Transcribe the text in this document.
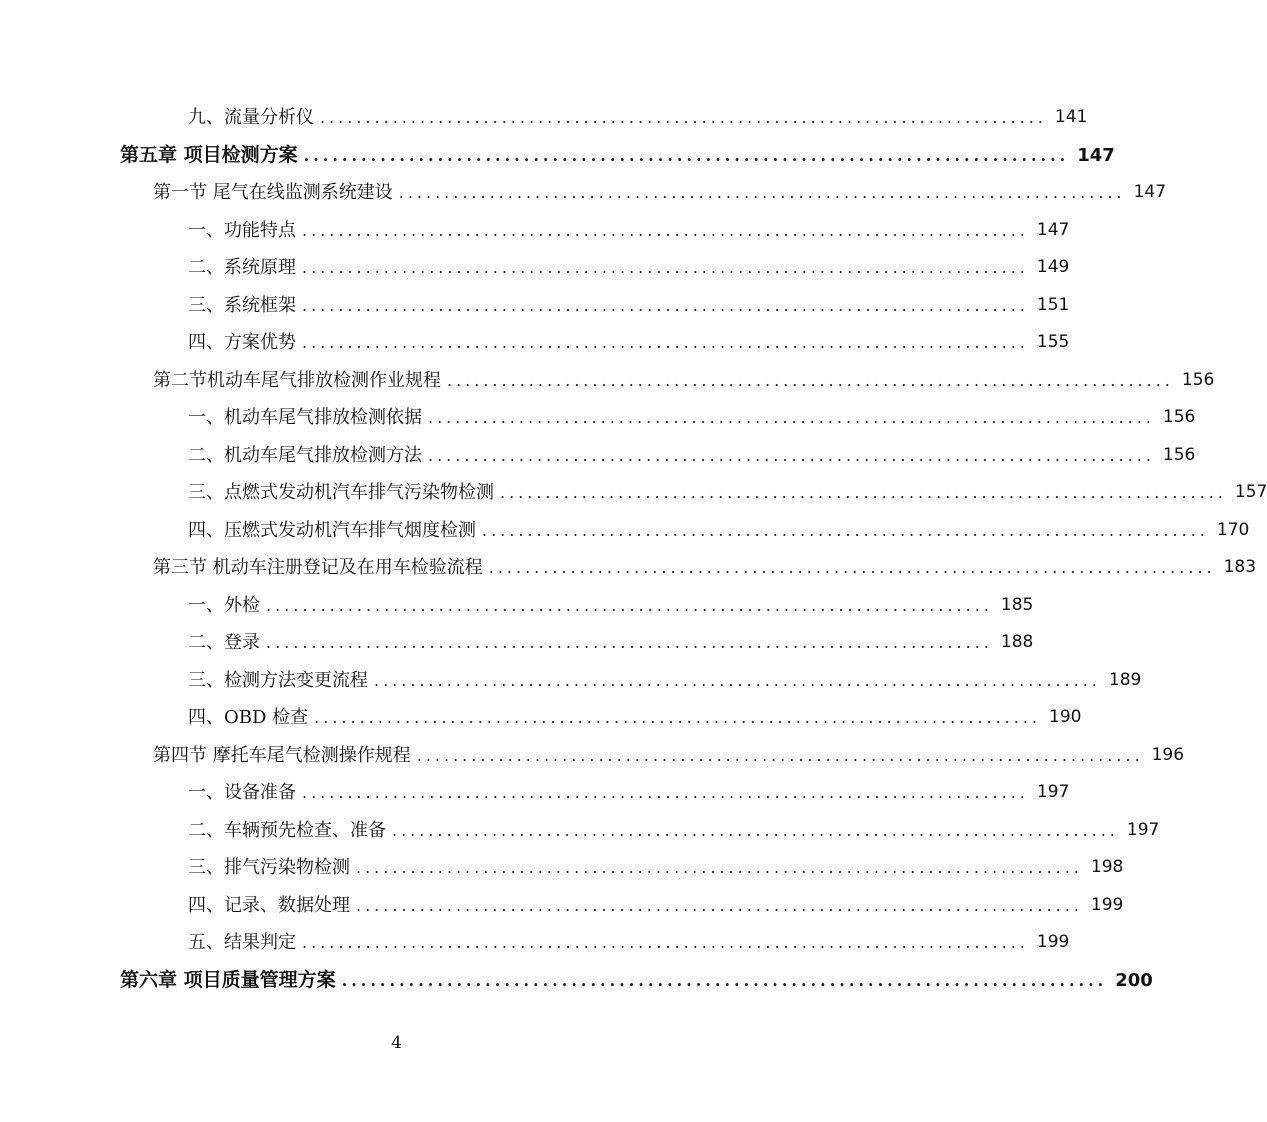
九、流量分析仪 ................................................................................ 141
第五章 项目检测方案 ................................................................................ 147
第一节 尾气在线监测系统建设 ................................................................................ 147
一、功能特点 ................................................................................ 147
二、系统原理 ................................................................................ 149
三、系统框架 ................................................................................ 151
四、方案优势 ................................................................................ 155
第二节机动车尾气排放检测作业规程 ................................................................................ 156
一、机动车尾气排放检测依据 ................................................................................ 156
二、机动车尾气排放检测方法 ................................................................................ 156
三、点燃式发动机汽车排气污染物检测 ................................................................................ 157
四、压燃式发动机汽车排气烟度检测 ................................................................................ 170
第三节 机动车注册登记及在用车检验流程 ................................................................................ 183
一、外检 ................................................................................ 185
二、登录 ................................................................................ 188
三、检测方法变更流程 ................................................................................ 189
四、OBD 检查 ................................................................................ 190
第四节 摩托车尾气检测操作规程 ................................................................................ 196
一、设备准备 ................................................................................ 197
二、车辆预先检查、准备 ................................................................................ 197
三、排气污染物检测 ................................................................................ 198
四、记录、数据处理 ................................................................................ 199
五、结果判定 ................................................................................ 199
第六章 项目质量管理方案 ................................................................................ 200
4
